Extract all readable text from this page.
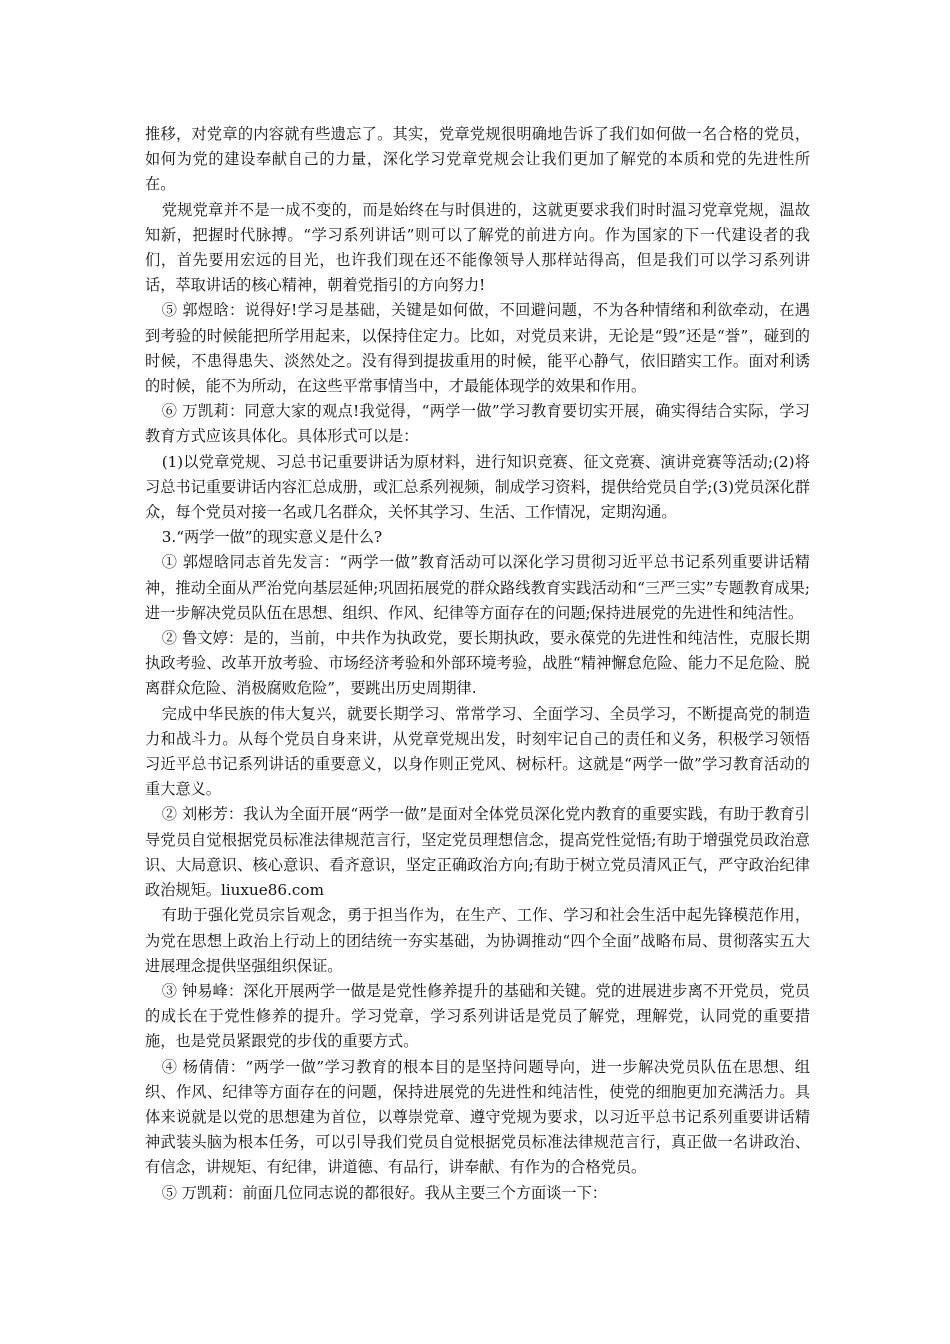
推移，对党章的内容就有些遗忘了。其实，党章党规很明确地告诉了我们如何做一名合格的党员，如何为党的建设奉献自己的力量，深化学习党章党规会让我们更加了解党的本质和党的先进性所在。

党规党章并不是一成不变的，而是始终在与时俱进的，这就更要求我们时时温习党章党规，温故知新，把握时代脉搏。“学习系列讲话”则可以了解党的前进方向。作为国家的下一代建设者的我们，首先要用宏远的目光，也许我们现在还不能像领导人那样站得高，但是我们可以学习系列讲话，萃取讲话的核心精神，朝着党指引的方向努力!

⑤ 郭煜晗：说得好!学习是基础，关键是如何做，不回避问题，不为各种情绪和利欲牵动，在遇到考验的时候能把所学用起来，以保持住定力。比如，对党员来讲，无论是“毁”还是“誉”，碰到的时候，不患得患失、淡然处之。没有得到提拔重用的时候，能平心静气，依旧踏实工作。面对利诱的时候，能不为所动，在这些平常事情当中，才最能体现学的效果和作用。

⑥ 万凯莉：同意大家的观点!我觉得，“两学一做”学习教育要切实开展，确实得结合实际，学习教育方式应该具体化。具体形式可以是：

(1)以党章党规、习总书记重要讲话为原材料，进行知识竞赛、征文竞赛、演讲竞赛等活动;(2)将习总书记重要讲话内容汇总成册，或汇总系列视频，制成学习资料，提供给党员自学;(3)党员深化群众，每个党员对接一名或几名群众，关怀其学习、生活、工作情况，定期沟通。

3.“两学一做”的现实意义是什么?

① 郭煜晗同志首先发言：“两学一做”教育活动可以深化学习贯彻习近平总书记系列重要讲话精神，推动全面从严治党向基层延伸;巩固拓展党的群众路线教育实践活动和“三严三实”专题教育成果;进一步解决党员队伍在思想、组织、作风、纪律等方面存在的问题;保持进展党的先进性和纯洁性。

② 鲁文婷：是的，当前，中共作为执政党，要长期执政，要永葆党的先进性和纯洁性，克服长期执政考验、改革开放考验、市场经济考验和外部环境考验，战胜“精神懈怠危险、能力不足危险、脱离群众危险、消极腐败危险”，要跳出历史周期律.

完成中华民族的伟大复兴，就要长期学习、常常学习、全面学习、全员学习，不断提高党的制造力和战斗力。从每个党员自身来讲，从党章党规出发，时刻牢记自己的责任和义务，积极学习领悟习近平总书记系列讲话的重要意义，以身作则正党风、树标杆。这就是“两学一做”学习教育活动的重大意义。

② 刘彬芳：我认为全面开展“两学一做”是面对全体党员深化党内教育的重要实践，有助于教育引导党员自觉根据党员标准法律规范言行，坚定党员理想信念，提高党性觉悟;有助于增强党员政治意识、大局意识、核心意识、看齐意识，坚定正确政治方向;有助于树立党员清风正气，严守政治纪律政治规矩。liuxue86.com

有助于强化党员宗旨观念，勇于担当作为，在生产、工作、学习和社会生活中起先锋模范作用，为党在思想上政治上行动上的团结统一夯实基础，为协调推动“四个全面”战略布局、贯彻落实五大进展理念提供坚强组织保证。

③ 钟易峰：深化开展两学一做是是党性修养提升的基础和关键。党的进展进步离不开党员，党员的成长在于党性修养的提升。学习党章，学习系列讲话是党员了解党，理解党，认同党的重要措施，也是党员紧跟党的步伐的重要方式。

④ 杨倩倩：“两学一做”学习教育的根本目的是坚持问题导向，进一步解决党员队伍在思想、组织、作风、纪律等方面存在的问题，保持进展党的先进性和纯洁性，使党的细胞更加充满活力。具体来说就是以党的思想建为首位，以尊崇党章、遵守党规为要求，以习近平总书记系列重要讲话精神武装头脑为根本任务，可以引导我们党员自觉根据党员标准法律规范言行，真正做一名讲政治、有信念，讲规矩、有纪律，讲道德、有品行，讲奉献、有作为的合格党员。

⑤ 万凯莉：前面几位同志说的都很好。我从主要三个方面谈一下：
